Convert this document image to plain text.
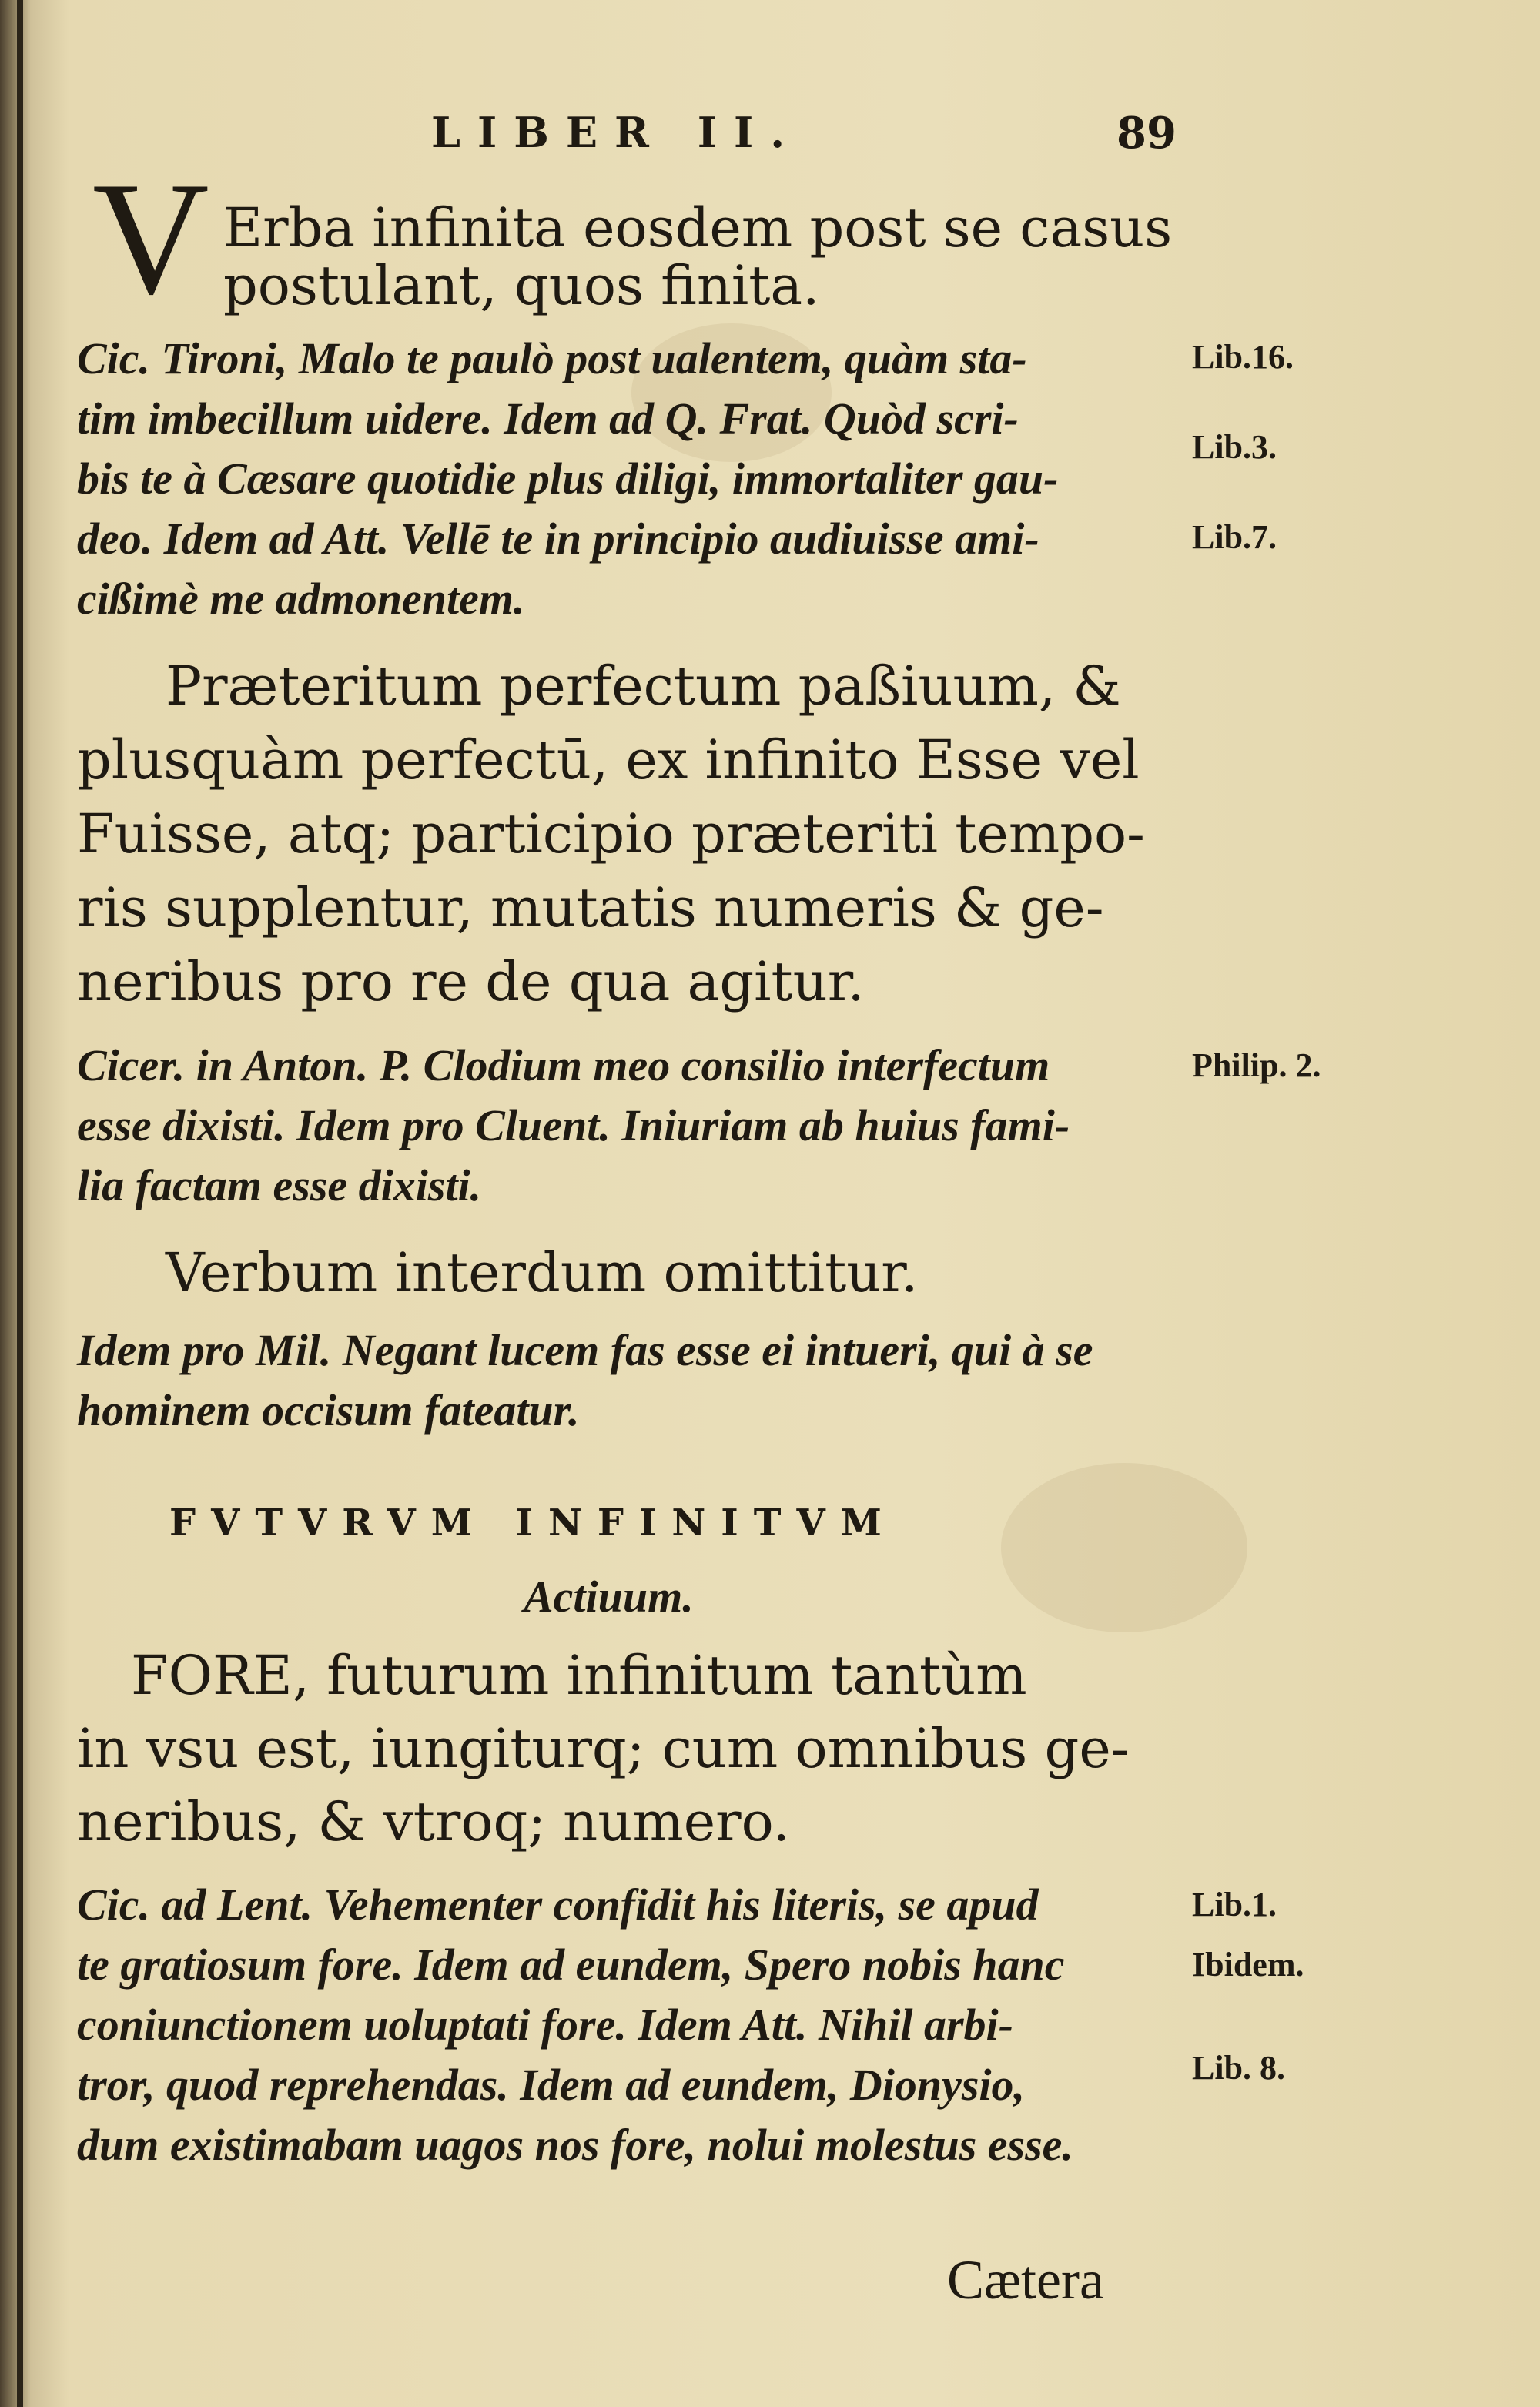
LIBER II.	89
V Erba infinita eosdem post se casus
postulant, quos finita.
Cic. Tironi, Malo te paulò post ualentem, quàm sta-
tim imbecillum uidere. Idem ad Q. Frat. Quòd scri-
bis te à Cæsare quotidie plus diligi, immortaliter gau-
deo. Idem ad Att. Vellē te in principio audiuisse ami-
cißimè me admonentem.
Præteritum perfectum paßiuum, &
plusquàm perfectū, ex infinito Esse vel
Fuisse, atq; participio præteriti tempo-
ris supplentur, mutatis numeris & ge-
neribus pro re de qua agitur.
Cicer. in Anton. P. Clodium meo consilio interfectum
esse dixisti. Idem pro Cluent. Iniuriam ab huius fami-
lia factam esse dixisti.
Verbum interdum omittitur.
Idem pro Mil. Negant lucem fas esse ei intueri, qui à se
hominem occisum fateatur.
FVTVRVM INFINITVM
Actiuum.
FORE, futurum infinitum tantùm
in vsu est, iungiturq; cum omnibus ge-
neribus, & vtroq; numero.
Cic. ad Lent. Vehementer confidit his literis, se apud
te gratiosum fore. Idem ad eundem, Spero nobis hanc
coniunctionem uoluptati fore. Idem Att. Nihil arbi-
tror, quod reprehendas. Idem ad eundem, Dionysio,
dum existimabam uagos nos fore, nolui molestus esse.
Lib.16.
Lib.3.
Lib.7.
Philip. 2.
Lib.1.
Ibidem.
Lib. 8.
Cætera
